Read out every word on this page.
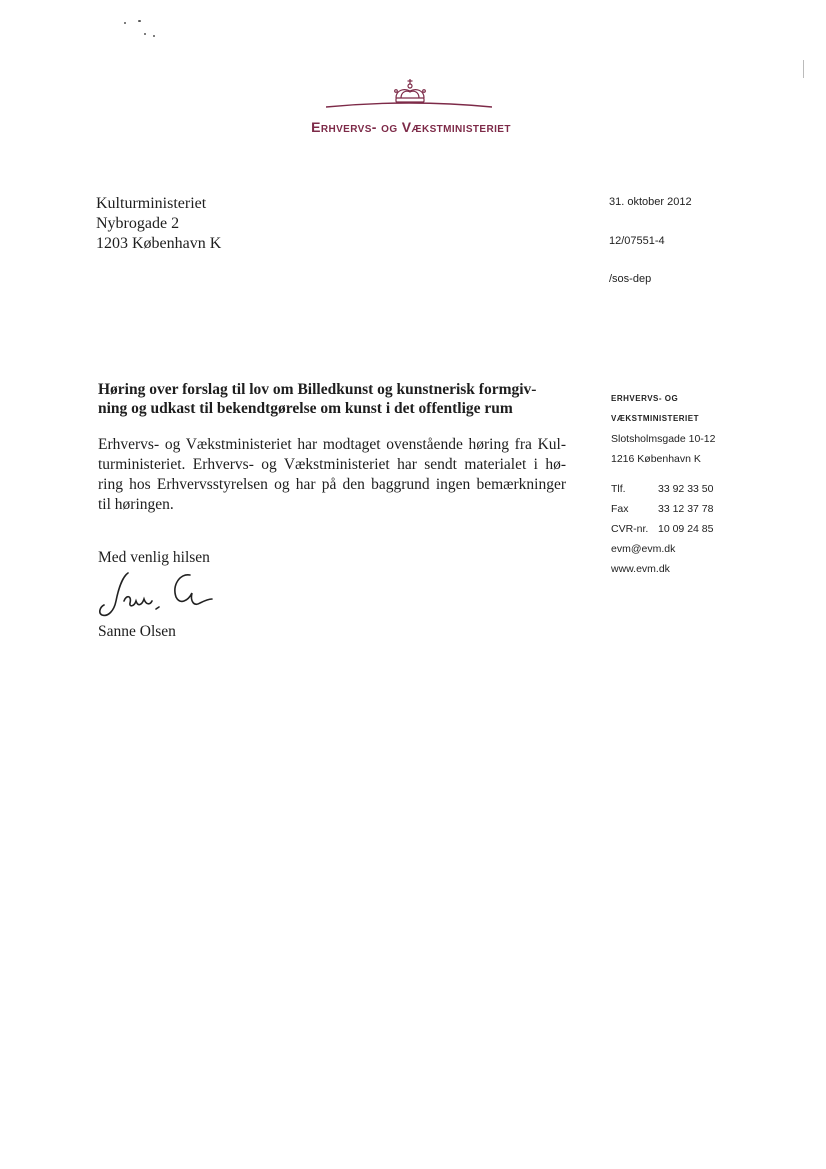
Erhvervs- og Vækstministeriet
Kulturministeriet
Nybrogade 2
1203 København K
31. oktober 2012
12/07551-4
/sos-dep
Høring over forslag til lov om Billedkunst og kunstnerisk formgiv-
ning og udkast til bekendtgørelse om kunst i det offentlige rum
Erhvervs- og Vækstministeriet har modtaget ovenstående høring fra Kul-
turministeriet. Erhvervs- og Vækstministeriet har sendt materialet i hø-
ring hos Erhvervsstyrelsen og har på den baggrund ingen bemærkninger
til høringen.
Med venlig hilsen
Sanne Olsen
ERHVERVS- OG
VÆKSTMINISTERIET
Slotsholmsgade 10-12
1216 København K
Tlf.	33 92 33 50
Fax	33 12 37 78
CVR-nr. 10 09 24 85
evm@evm.dk
www.evm.dk
